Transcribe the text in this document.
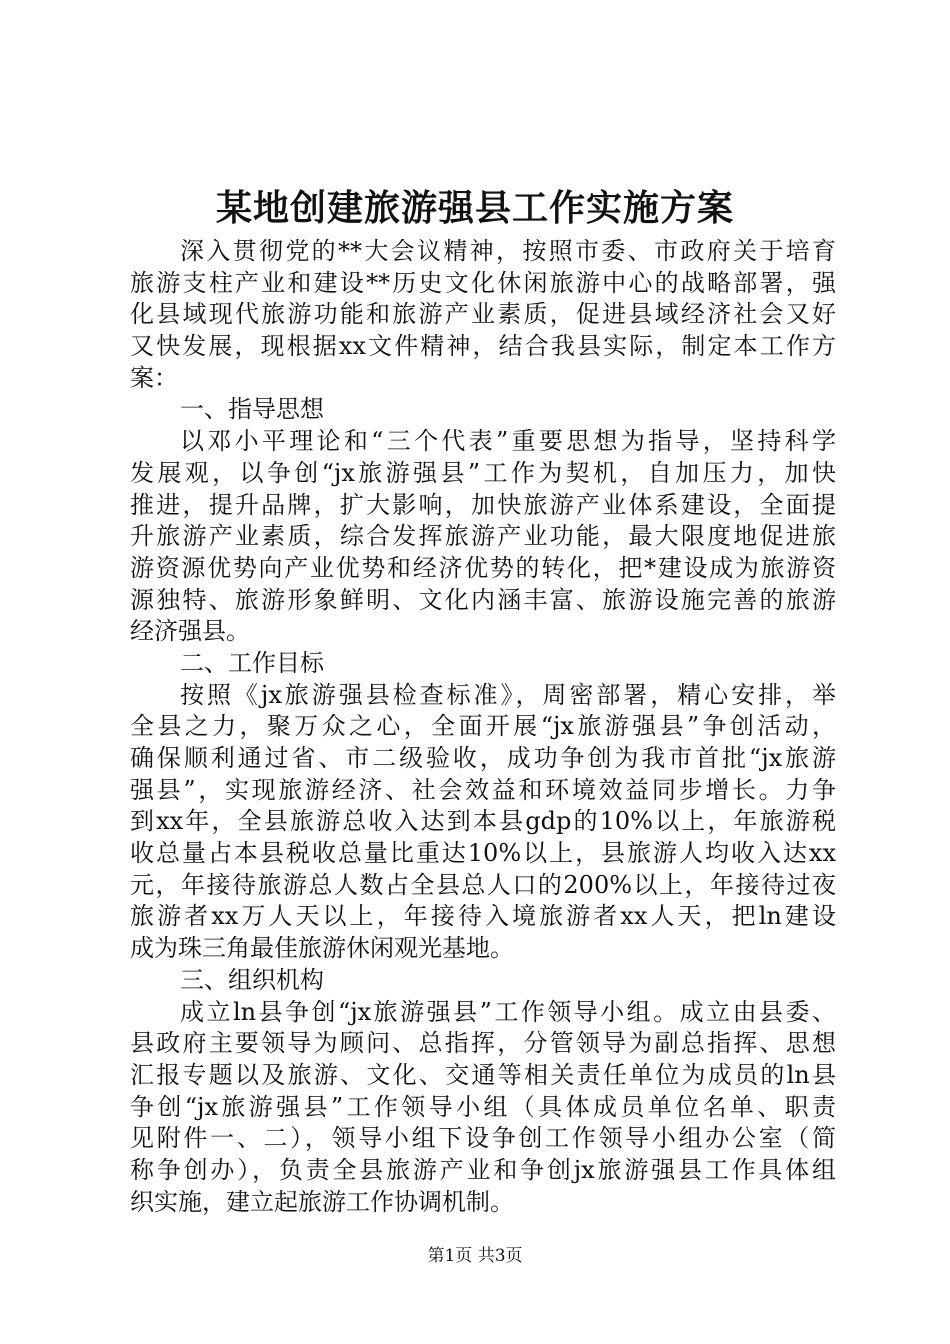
某地创建旅游强县工作实施方案

深入贯彻党的**大会议精神，按照市委、市政府关于培育

旅游支柱产业和建设**历史文化休闲旅游中心的战略部署，强

化县域现代旅游功能和旅游产业素质，促进县域经济社会又好

又快发展，现根据xx文件精神，结合我县实际，制定本工作方

案：

一、指导思想

以邓小平理论和“三个代表”重要思想为指导，坚持科学

发展观，以争创“jx旅游强县”工作为契机，自加压力，加快

推进，提升品牌，扩大影响，加快旅游产业体系建设，全面提

升旅游产业素质，综合发挥旅游产业功能，最大限度地促进旅

游资源优势向产业优势和经济优势的转化，把*建设成为旅游资

源独特、旅游形象鲜明、文化内涵丰富、旅游设施完善的旅游

经济强县。

二、工作目标

按照《jx旅游强县检查标准》，周密部署，精心安排，举

全县之力，聚万众之心，全面开展“jx旅游强县”争创活动，

确保顺利通过省、市二级验收，成功争创为我市首批“jx旅游

强县”，实现旅游经济、社会效益和环境效益同步增长。力争

到xx年，全县旅游总收入达到本县gdp的10%以上，年旅游税

收总量占本县税收总量比重达10%以上，县旅游人均收入达xx

元，年接待旅游总人数占全县总人口的200%以上，年接待过夜

旅游者xx万人天以上，年接待入境旅游者xx人天，把ln建设

成为珠三角最佳旅游休闲观光基地。

三、组织机构

成立ln县争创“jx旅游强县”工作领导小组。成立由县委、

县政府主要领导为顾问、总指挥，分管领导为副总指挥、思想

汇报专题以及旅游、文化、交通等相关责任单位为成员的ln县

争创“jx旅游强县”工作领导小组（具体成员单位名单、职责

见附件一、二），领导小组下设争创工作领导小组办公室（简

称争创办），负责全县旅游产业和争创jx旅游强县工作具体组

织实施，建立起旅游工作协调机制。

第1页 共3页
